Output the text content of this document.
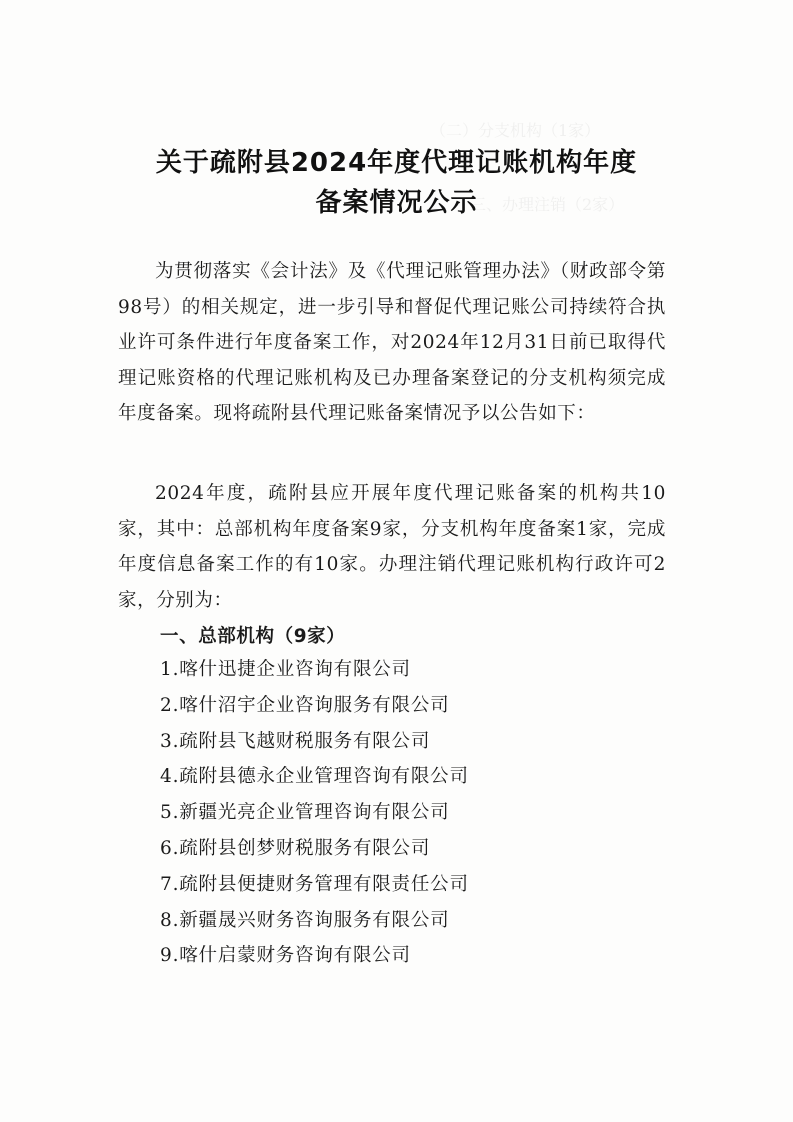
（二）分支机构（1家）
三、办理注销（2家）
关于疏附县2024年度代理记账机构年度
备案情况公示

为贯彻落实《会计法》及《代理记账管理办法》（财政部令第98号）的相关规定，进一步引导和督促代理记账公司持续符合执业许可条件进行年度备案工作，对2024年12月31日前已取得代理记账资格的代理记账机构及已办理备案登记的分支机构须完成年度备案。现将疏附县代理记账备案情况予以公告如下：

2024年度，疏附县应开展年度代理记账备案的机构共10家，其中：总部机构年度备案9家，分支机构年度备案1家，完成年度信息备案工作的有10家。办理注销代理记账机构行政许可2家，分别为：

一、总部机构（9家）
1.喀什迅捷企业咨询有限公司
2.喀什沼宇企业咨询服务有限公司
3.疏附县飞越财税服务有限公司
4.疏附县德永企业管理咨询有限公司
5.新疆光亮企业管理咨询有限公司
6.疏附县创梦财税服务有限公司
7.疏附县便捷财务管理有限责任公司
8.新疆晟兴财务咨询服务有限公司
9.喀什启蒙财务咨询有限公司
